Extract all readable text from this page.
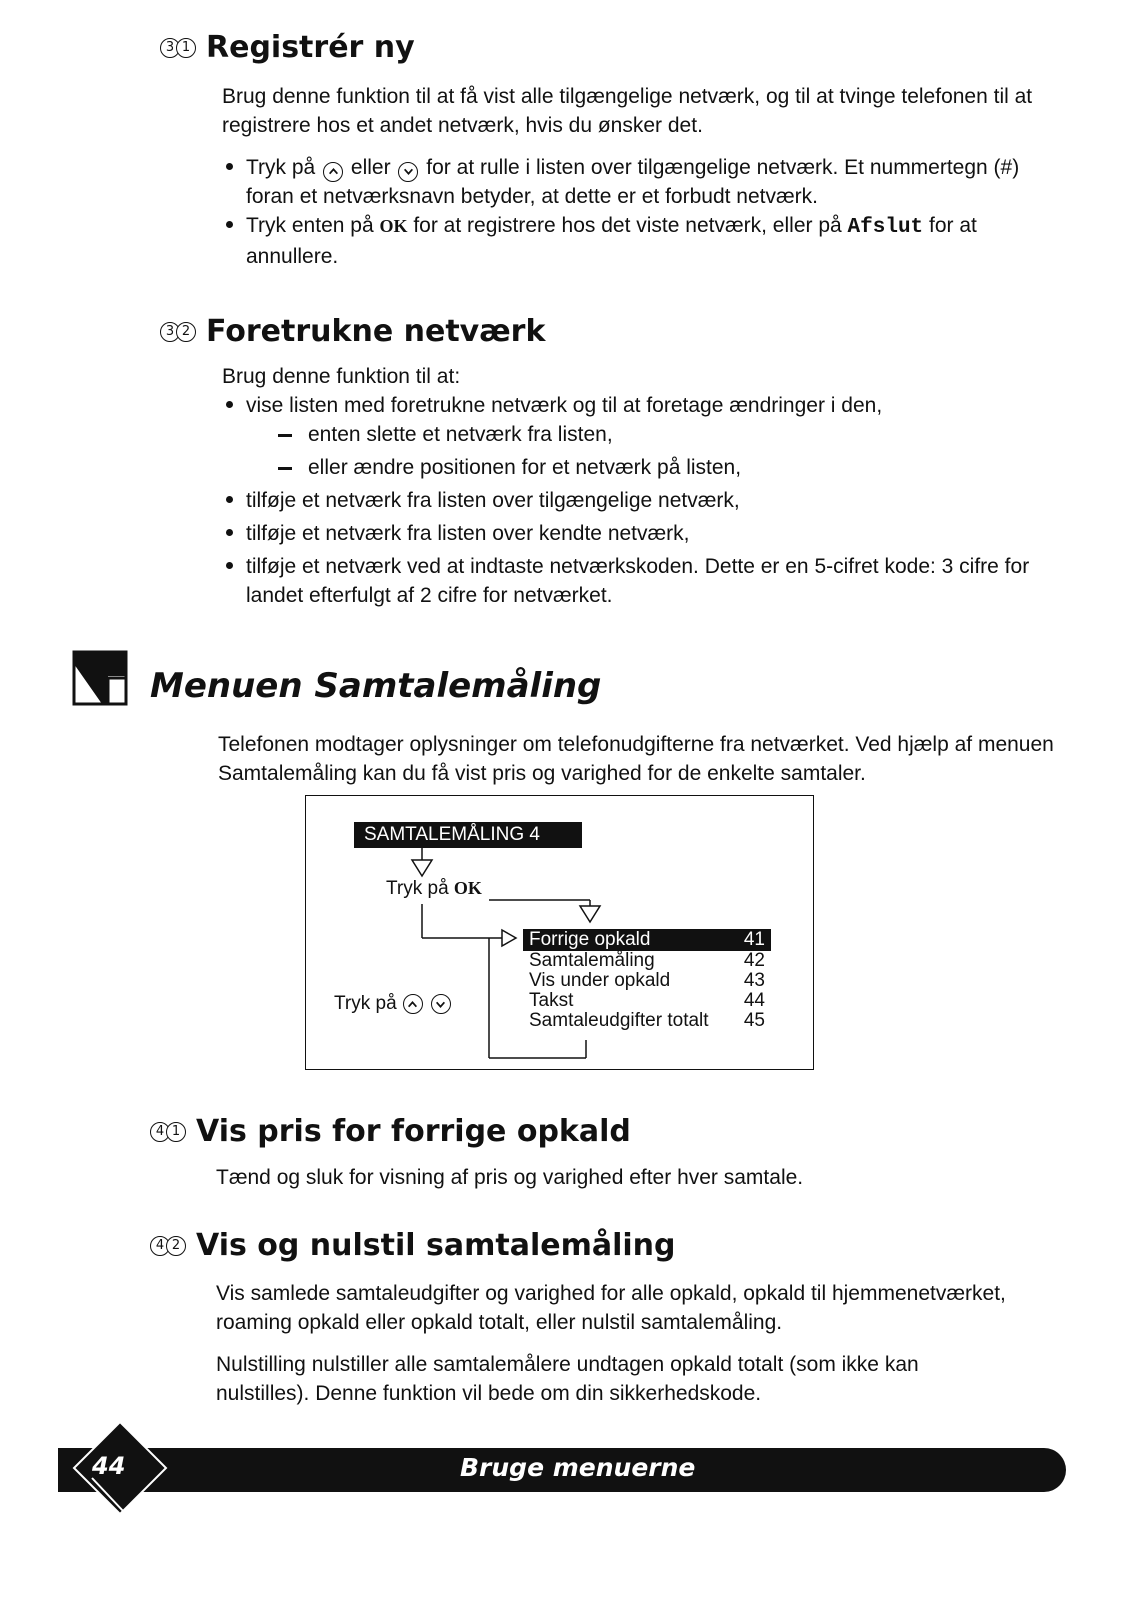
3 1 Registrér ny
Brug denne funktion til at få vist alle tilgængelige netværk, og til at tvinge telefonen til at registrere hos et andet netværk, hvis du ønsker det.
Tryk på eller for at rulle i listen over tilgængelige netværk. Et nummertegn (#) foran et netværksnavn betyder, at dette er et forbudt netværk.
Tryk enten på OK for at registrere hos det viste netværk, eller på Afslut for at annullere.
3 2 Foretrukne netværk
Brug denne funktion til at:
vise listen med foretrukne netværk og til at foretage ændringer i den,
enten slette et netværk fra listen,
eller ændre positionen for et netværk på listen,
tilføje et netværk fra listen over tilgængelige netværk,
tilføje et netværk fra listen over kendte netværk,
tilføje et netværk ved at indtaste netværkskoden. Dette er en 5-cifret kode: 3 cifre for landet efterfulgt af 2 cifre for netværket.
Menuen Samtalemåling
Telefonen modtager oplysninger om telefonudgifterne fra netværket. Ved hjælp af menuen Samtalemåling kan du få vist pris og varighed for de enkelte samtaler.
SAMTALEMÅLING 4
Tryk på OK
Tryk på
Forrige opkald	41
Samtalemåling	42
Vis under opkald	43
Takst	44
Samtaleudgifter totalt 45
4 1 Vis pris for forrige opkald
Tænd og sluk for visning af pris og varighed efter hver samtale.
4 2 Vis og nulstil samtalemåling
Vis samlede samtaleudgifter og varighed for alle opkald, opkald til hjemmenetværket, roaming opkald eller opkald totalt, eller nulstil samtalemåling.
Nulstilling nulstiller alle samtalemålere undtagen opkald totalt (som ikke kan nulstilles). Denne funktion vil bede om din sikkerhedskode.
44	Bruge menuerne
